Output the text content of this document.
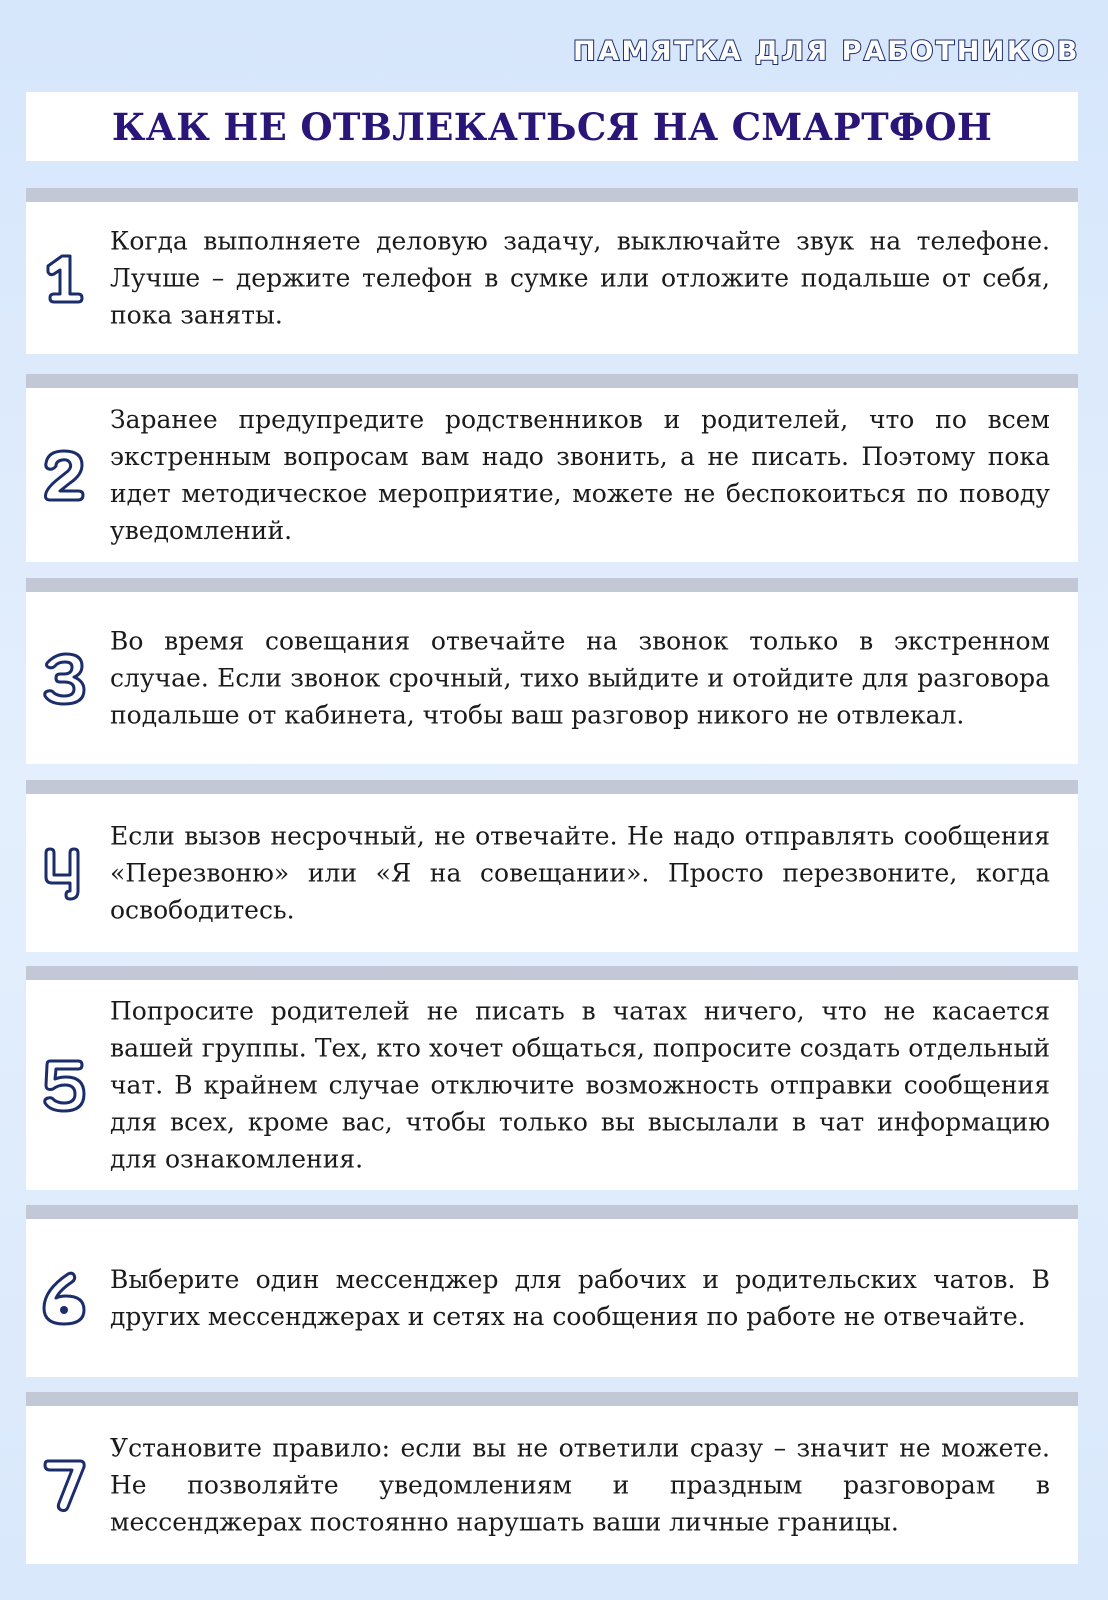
ПАМЯТКА ДЛЯ РАБОТНИКОВ
КАК НЕ ОТВЛЕКАТЬСЯ НА СМАРТФОН
Когда выполняете деловую задачу, выключайте звук на телефоне. Лучше – держите телефон в сумке или отложите подальше от себя, пока заняты.
Заранее предупредите родственников и родителей, что по всем экстренным вопросам вам надо звонить, а не писать. Поэтому пока идет методическое мероприятие, можете не беспокоиться по поводу уведомлений.
Во время совещания отвечайте на звонок только в экстренном случае. Если звонок срочный, тихо выйдите и отойдите для разговора подальше от кабинета, чтобы ваш разговор никого не отвлекал.
Если вызов несрочный, не отвечайте. Не надо отправлять сообщения «Перезвоню» или «Я на совещании». Просто перезвоните, когда освободитесь.
Попросите родителей не писать в чатах ничего, что не касается вашей группы. Тех, кто хочет общаться, попросите создать отдельный чат. В крайнем случае отключите возможность отправки сообщения для всех, кроме вас, чтобы только вы высылали в чат информацию для ознакомления.
Выберите один мессенджер для рабочих и родительских чатов. В других мессенджерах и сетях на сообщения по работе не отвечайте.
Установите правило: если вы не ответили сразу – значит не можете. Не позволяйте уведомлениям и праздным разговорам в мессенджерах постоянно нарушать ваши личные границы.
